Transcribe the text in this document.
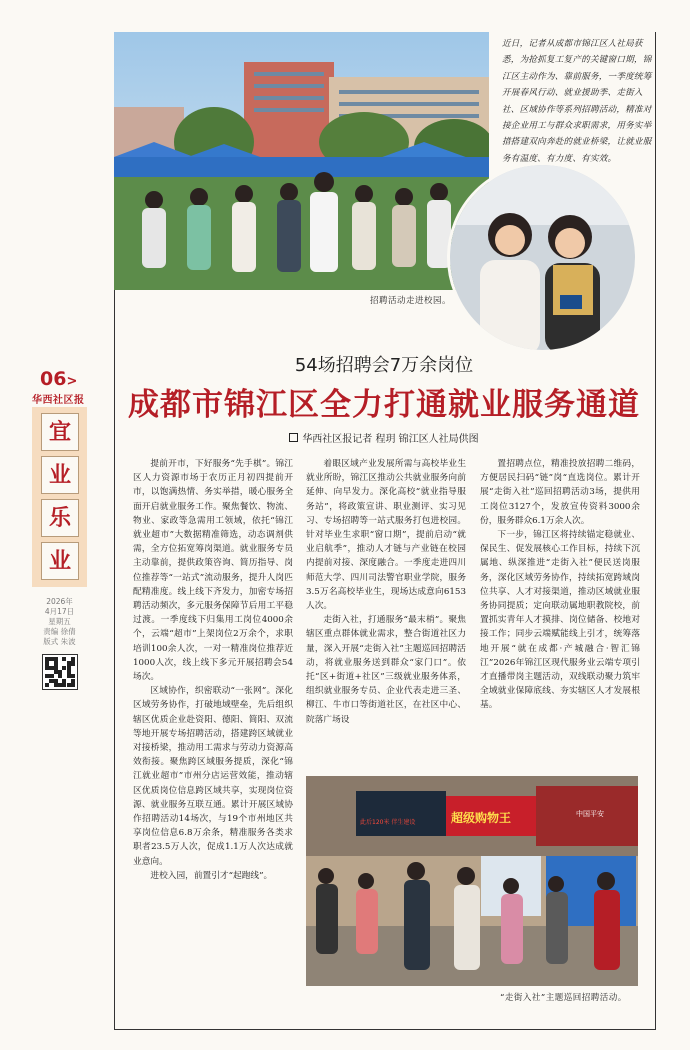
06>
华西社区报
宜
业
乐
业
2026年
4月17日
星期五
责编 徐倩
版式 朱波
近日，记者从成都市锦江区人社局获悉，为抢抓复工复产的关键窗口期，锦江区主动作为、靠前服务，一季度统筹开展春风行动、就业援助季、走街入社、区域协作等系列招聘活动，精准对接企业用工与群众求职需求，用务实举措搭建双向奔赴的就业桥梁，让就业服务有温度、有力度、有实效。
招聘活动走进校园。
54场招聘会7万余岗位
成都市锦江区全力打通就业服务通道
华西社区报记者 程玥 锦江区人社局供图

提前开市，下好服务“先手棋”。锦江区人力资源市场于农历正月初四提前开市，以饱满热情、务实举措，暖心服务全面开启就业服务工作。聚焦餐饮、物流、物业、家政等急需用工领域，依托“锦江就业超市”大数据精准筛选，动态调剂供需，全方位拓宽筹岗渠道。就业服务专员主动靠前，提供政策咨询、简历指导、岗位推荐等“一站式”流动服务，提升人岗匹配精准度。线上线下齐发力，加密专场招聘活动频次，多元服务保障节后用工平稳过渡。一季度线下归集用工岗位4000余个，云端“超市”上架岗位2万余个，求职培训100余人次，一对一精准岗位推荐近1000人次，线上线下多元开展招聘会54场次。

区域协作，织密联动“一张网”。深化区域劳务协作，打破地域壁垒，先后组织辖区优质企业赴资阳、德阳、简阳、双流等地开展专场招聘活动，搭建跨区域就业对接桥梁，推动用工需求与劳动力资源高效衔接。聚焦跨区域服务提质，深化“锦江就业超市”市州分店运营效能，推动辖区优质岗位信息跨区域共享，实现岗位资源、就业服务互联互通。累计开展区域协作招聘活动14场次，与19个市州地区共享岗位信息6.8万余条，精准服务各类求职者23.5万人次，促成1.1万人次达成就业意向。

进校入园，前置引才“起跑线”。

着眼区域产业发展所需与高校毕业生就业所盼，锦江区推动公共就业服务向前延伸、向早发力。深化高校“就业指导服务站”，将政策宣讲、职业测评、实习见习、专场招聘等一站式服务打包进校园。针对毕业生求职“窗口期”，提前启动“就业启航季”，推动人才链与产业链在校园内提前对接、深度融合。一季度走进四川师范大学、四川司法警官职业学院，服务3.5万名高校毕业生，现场达成意向6153人次。

走街入社，打通服务“最末梢”。聚焦辖区重点群体就业需求，整合街道社区力量，深入开展“走街入社”主题巡回招聘活动，将就业服务送到群众“家门口”。依托“区+街道+社区”三级就业服务体系，组织就业服务专员、企业代表走进三圣、柳江、牛市口等街道社区，在社区中心、院落广场设

置招聘点位，精准投放招聘二维码，方便居民扫码“链”岗“直选岗位。累计开展“走街入社”巡回招聘活动3场，提供用工岗位3127个，发放宣传资料3000余份，服务群众6.1万余人次。

下一步，锦江区将持续锚定稳就业、保民生、促发展核心工作目标，持续下沉属地、纵深推进“走街入社”便民送岗服务，深化区域劳务协作，持续拓宽跨域岗位共享、人才对接渠道，推动区域就业服务协同提质；定向联动属地职教院校，前置抓实青年人才摸排、岗位储备、校地对接工作；同步云端赋能线上引才，统筹落地开展“就在成都·产城融合·智汇锦江”2026年锦江区现代服务业云端专项引才直播带岗主题活动，双线联动聚力筑牢全域就业保障底线、夯实辖区人才发展根基。

超级购物王
此后120米 伴生建设
中国平安
“走街入社”主题巡回招聘活动。
